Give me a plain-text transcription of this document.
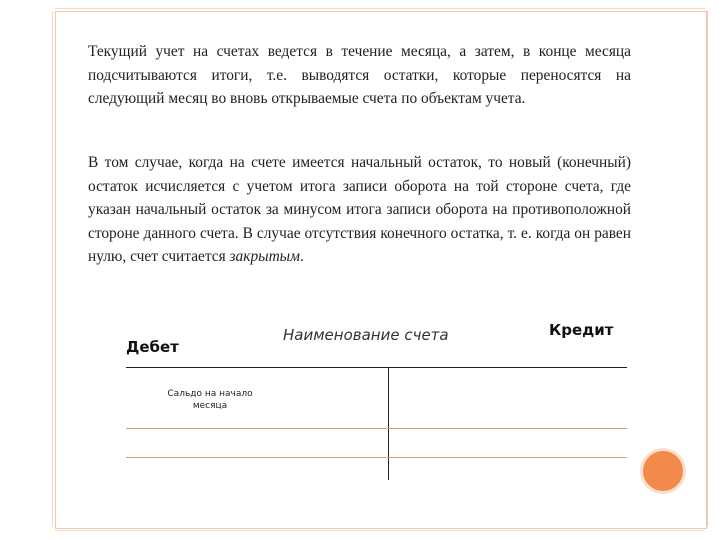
Текущий учет на счетах ведется в течение месяца, а затем, в конце месяца подсчитываются итоги, т.е. выводятся остатки, которые переносятся на следующий месяц во вновь открываемые счета по объектам учета.

В том случае, когда на счете имеется начальный остаток, то новый (конечный) остаток исчисляется с учетом итога записи оборота на той стороне счета, где указан начальный остаток за минусом итога записи оборота на противоположной стороне данного счета. В случае отсутствия конечного остатка, т. е. когда он равен нулю, счет считается закрытым.

Дебет
Наименование счета	Кредит
Сальдо на начало месяца
